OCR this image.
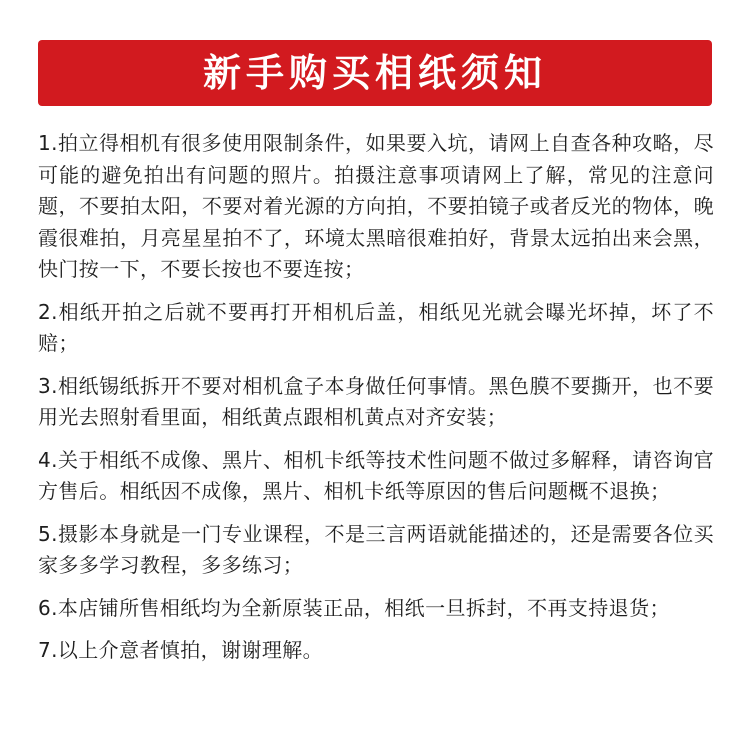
新手购买相纸须知
1.拍立得相机有很多使用限制条件，如果要入坑，请网上自查各种攻略，尽可能的避免拍出有问题的照片。拍摄注意事项请网上了解，常见的注意问题，不要拍太阳，不要对着光源的方向拍，不要拍镜子或者反光的物体，晚霞很难拍，月亮星星拍不了，环境太黑暗很难拍好，背景太远拍出来会黑，快门按一下，不要长按也不要连按；
2.相纸开拍之后就不要再打开相机后盖，相纸见光就会曝光坏掉，坏了不赔；
3.相纸锡纸拆开不要对相机盒子本身做任何事情。黑色膜不要撕开，也不要用光去照射看里面，相纸黄点跟相机黄点对齐安装；
4.关于相纸不成像、黑片、相机卡纸等技术性问题不做过多解释，请咨询官方售后。相纸因不成像，黑片、相机卡纸等原因的售后问题概不退换；
5.摄影本身就是一门专业课程，不是三言两语就能描述的，还是需要各位买家多多学习教程，多多练习；
6.本店铺所售相纸均为全新原装正品，相纸一旦拆封，不再支持退货；
7.以上介意者慎拍，谢谢理解。
